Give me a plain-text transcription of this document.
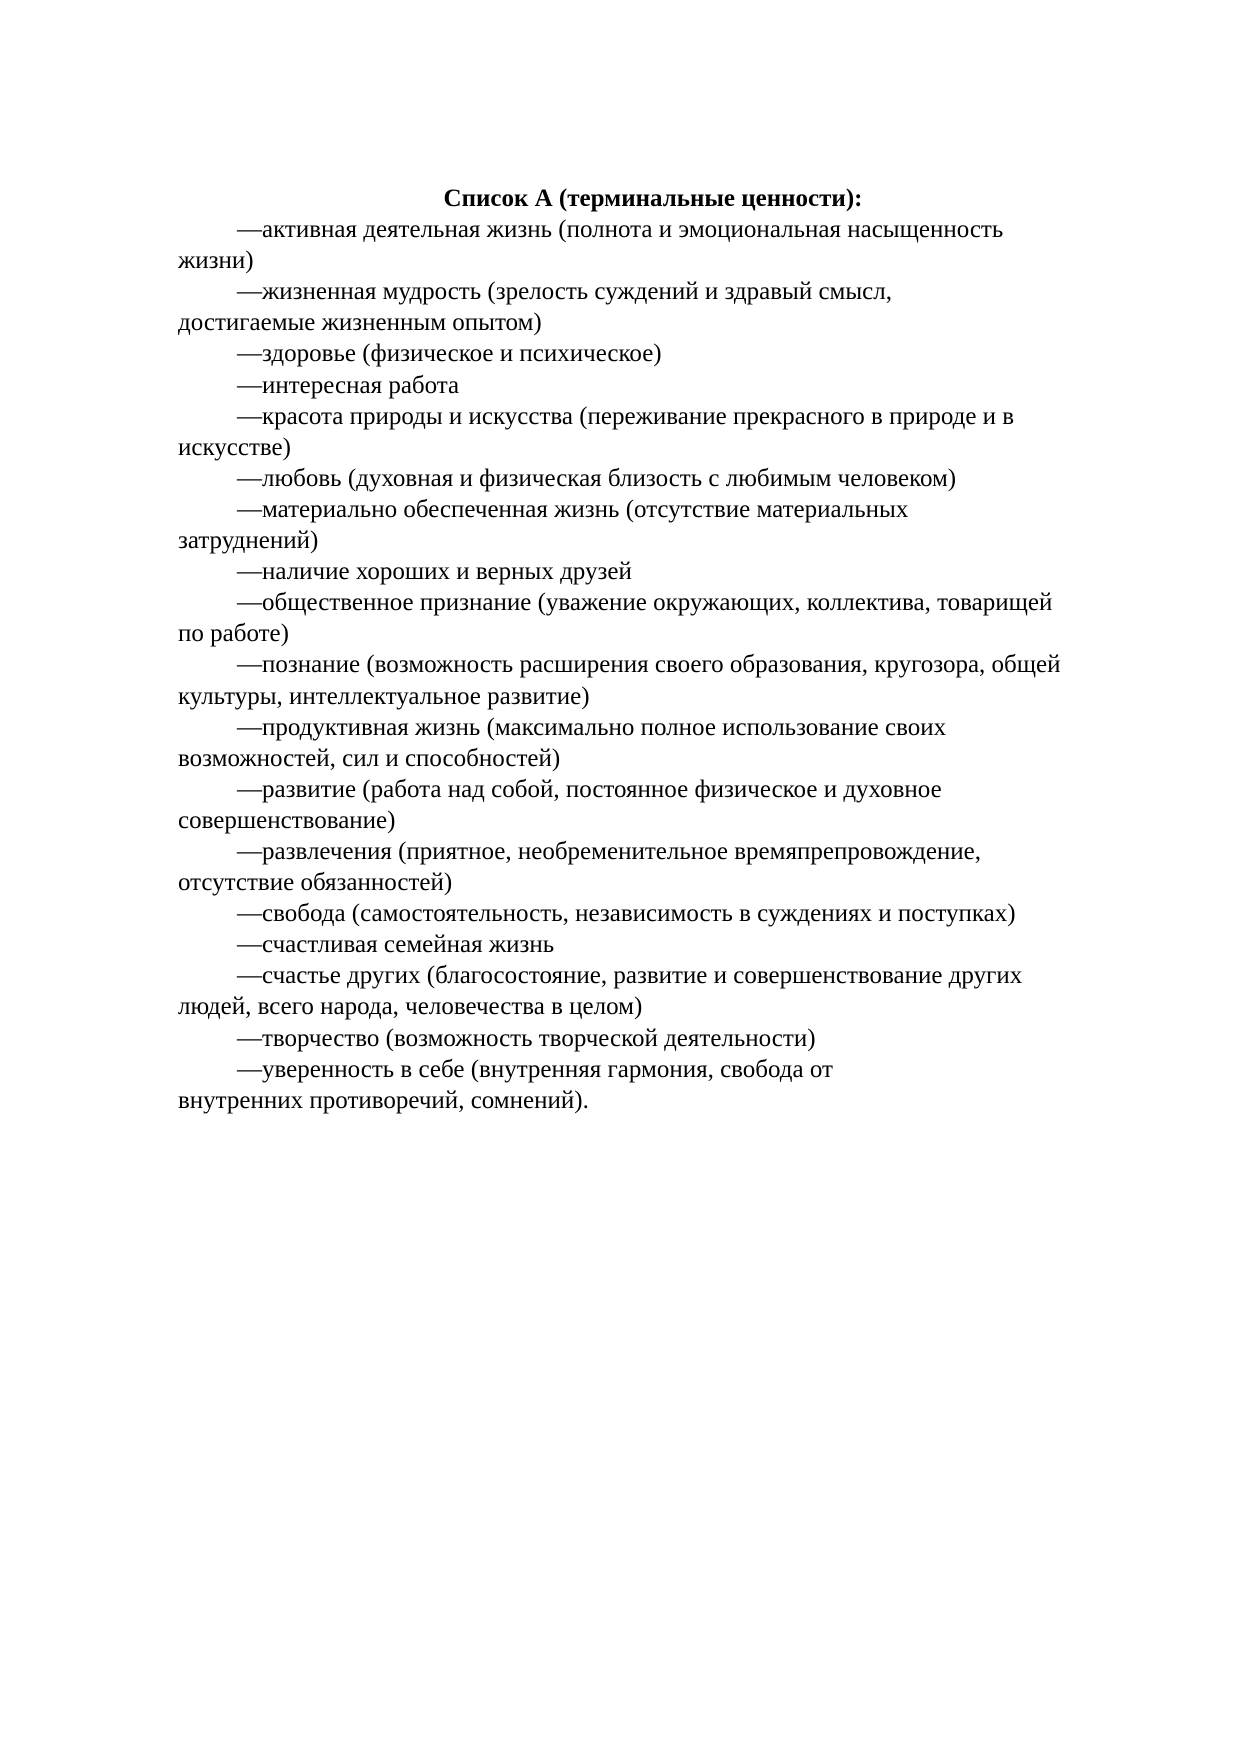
Список А (терминальные ценности):

—активная деятельная жизнь (полнота и эмоциональная насыщенность жизни)

—жизненная мудрость (зрелость суждений и здравый смысл, достигаемые жизненным опытом)

—здоровье (физическое и психическое)

—интересная работа

—красота природы и искусства (переживание прекрасного в природе и в искусстве)

—любовь (духовная и физическая близость с любимым человеком)

—материально обеспеченная жизнь (отсутствие материальных затруднений)

—наличие хороших и верных друзей

—общественное признание (уважение окружающих, коллектива, товарищей по работе)

—познание (возможность расширения своего образования, кругозора, общей культуры, интеллектуальное развитие)

—продуктивная жизнь (максимально полное использование своих возможностей, сил и способностей)

—развитие (работа над собой, постоянное физическое и духовное совершенствование)

—развлечения (приятное, необременительное времяпрепровождение, отсутствие обязанностей)

—свобода (самостоятельность, независимость в суждениях и поступках)

—счастливая семейная жизнь

—счастье других (благосостояние, развитие и совершенствование других людей, всего народа, человечества в целом)

—творчество (возможность творческой деятельности)

—уверенность в себе (внутренняя гармония, свобода от внутренних противоречий, сомнений).
